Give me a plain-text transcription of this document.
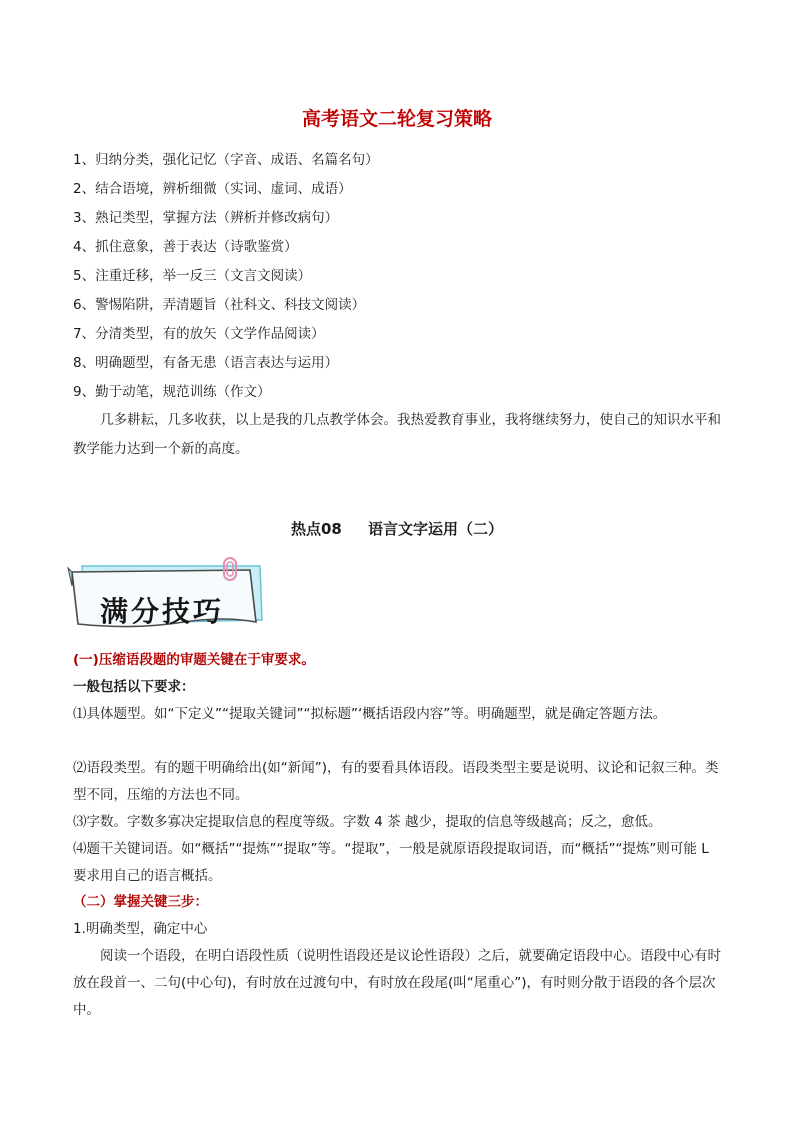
高考语文二轮复习策略
1、归纳分类，强化记忆（字音、成语、名篇名句）
2、结合语境，辨析细微（实词、虚词、成语）
3、熟记类型，掌握方法（辨析并修改病句）
4、抓住意象，善于表达（诗歌鉴赏）
5、注重迁移，举一反三（文言文阅读）
6、警惕陷阱，弄清题旨（社科文、科技文阅读）
7、分清类型，有的放矢（文学作品阅读）
8、明确题型，有备无患（语言表达与运用）
9、勤于动笔，规范训练（作文）

几多耕耘，几多收获，以上是我的几点教学体会。我热爱教育事业，我将继续努力，使自己的知识水平和教学能力达到一个新的高度。

热点08 语言文字运用（二）
满分技巧

(一)压缩语段题的审题关键在于审要求。

一般包括以下要求：

⑴具体题型。如“下定义”“提取关键词”“拟标题”‘概括语段内容”等。明确题型，就是确定答题方法。

⑵语段类型。有的题干明确给出(如“新闻”)，有的要看具体语段。语段类型主要是说明、议论和记叙三种。类型不同，压缩的方法也不同。

⑶字数。字数多寡决定提取信息的程度等级。字数 4 茶 越少，提取的信息等级越高；反之，愈低。

⑷题干关键词语。如“概括”“提炼”“提取”等。“提取”，一般是就原语段提取词语，而“概括”“提炼”则可能 L 要求用自己的语言概括。

（二）掌握关键三步：

1.明确类型，确定中心

阅读一个语段，在明白语段性质（说明性语段还是议论性语段）之后，就要确定语段中心。语段中心有时放在段首一、二句(中心句)，有时放在过渡句中，有时放在段尾(叫“尾重心”)，有时则分散于语段的各个层次中。
